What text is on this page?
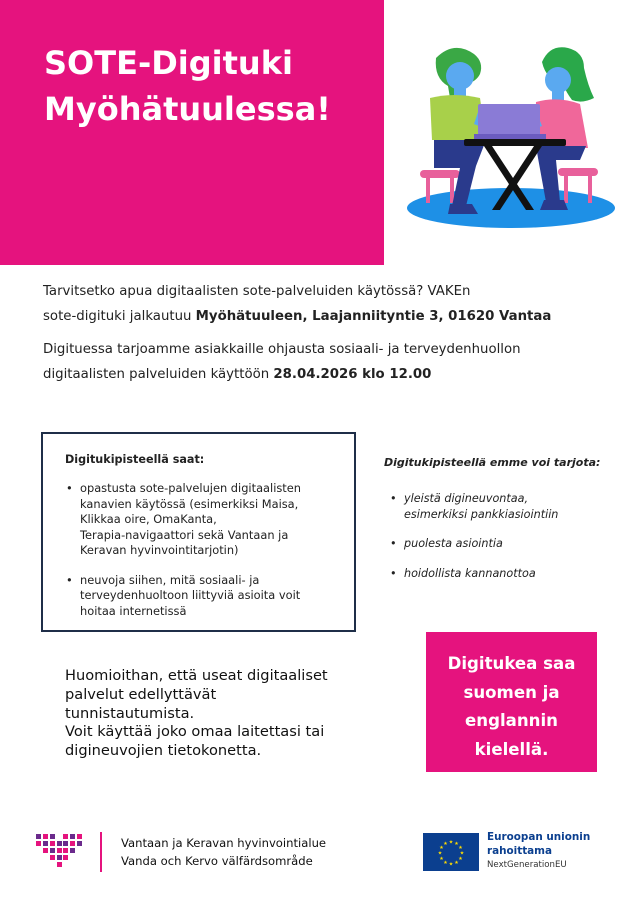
SOTE-Digituki
Myöhätuulessa!

Tarvitsetko apua digitaalisten sote-palveluiden käytössä? VAKEn

sote-digituki jalkautuu Myöhätuuleen, Laajanniityntie 3, 01620 Vantaa

Digituessa tarjoamme asiakkaille ohjausta sosiaali- ja terveydenhuollon

digitaalisten palveluiden käyttöön 28.04.2026 klo 12.00

Digitukipisteellä saat:
• opastusta sote-palvelujen digitaalisten
kanavien käytössä (esimerkiksi Maisa,
Klikkaa oire, OmaKanta,
Terapia-navigaattori sekä Vantaan ja
Keravan hyvinvointitarjotin)
• neuvoja siihen, mitä sosiaali- ja
terveydenhuoltoon liittyviä asioita voit
hoitaa internetissä
Digitukipisteellä emme voi tarjota:
• yleistä digineuvontaa,
esimerkiksi pankkiasiointiin
• puolesta asiointia
• hoidollista kannanottoa

Huomioithan, että useat digitaaliset

palvelut edellyttävät

tunnistautumista.

Voit käyttää joko omaa laitettasi tai

digineuvojien tietokonetta.

Digitukea saa
suomen ja
englannin
kielellä.

Vantaan ja Keravan hyvinvointialue
Vanda och Kervo välfärdsområde
★
★
★
★
★
★
★
★
★ ★ ★
★
Euroopan unionin
rahoittama
NextGenerationEU
